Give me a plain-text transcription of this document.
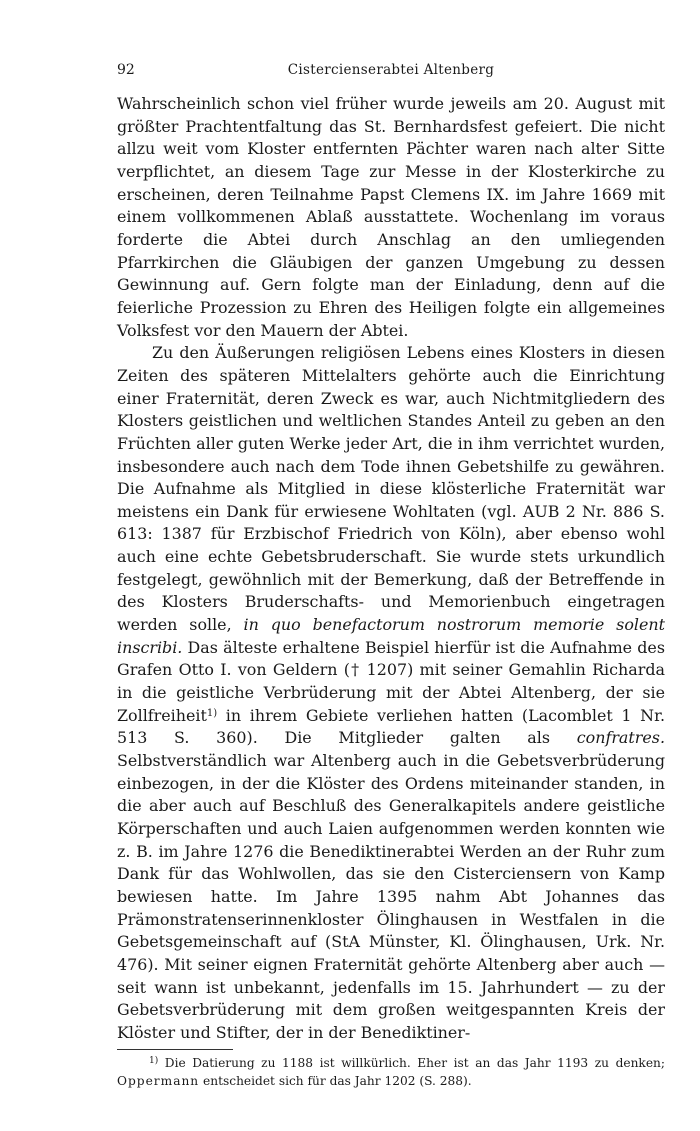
92	Cistercienserabtei Altenberg

Wahrscheinlich schon viel früher wurde jeweils am 20. August mit größter Prachtentfaltung das St. Bernhardsfest gefeiert. Die nicht allzu weit vom Kloster entfernten Pächter waren nach alter Sitte verpflichtet, an diesem Tage zur Messe in der Klosterkirche zu erscheinen, deren Teilnahme Papst Clemens IX. im Jahre 1669 mit einem vollkommenen Ablaß ausstattete. Wochenlang im voraus forderte die Abtei durch Anschlag an den umliegenden Pfarrkirchen die Gläubigen der ganzen Umgebung zu dessen Gewinnung auf. Gern folgte man der Einladung, denn auf die feierliche Prozession zu Ehren des Heiligen folgte ein allgemeines Volksfest vor den Mauern der Abtei.

Zu den Äußerungen religiösen Lebens eines Klosters in diesen Zeiten des späteren Mittelalters gehörte auch die Einrichtung einer Fraternität, deren Zweck es war, auch Nichtmitgliedern des Klosters geistlichen und weltlichen Standes Anteil zu geben an den Früchten aller guten Werke jeder Art, die in ihm verrichtet wurden, insbesondere auch nach dem Tode ihnen Gebetshilfe zu gewähren. Die Aufnahme als Mitglied in diese klösterliche Fraternität war meistens ein Dank für erwiesene Wohltaten (vgl. AUB 2 Nr. 886 S. 613: 1387 für Erzbischof Friedrich von Köln), aber ebenso wohl auch eine echte Gebetsbruderschaft. Sie wurde stets urkundlich festgelegt, gewöhnlich mit der Bemerkung, daß der Betreffende in des Klosters Bruderschafts- und Memorienbuch eingetragen werden solle, in quo benefactorum nostrorum memorie solent inscribi. Das älteste erhaltene Beispiel hierfür ist die Aufnahme des Grafen Otto I. von Geldern († 1207) mit seiner Gemahlin Richarda in die geistliche Verbrüderung mit der Abtei Altenberg, der sie Zollfreiheit$^{1)}$ in ihrem Gebiete verliehen hatten (Lacomblet 1 Nr. 513 S. 360). Die Mitglieder galten als confratres. Selbstverständlich war Altenberg auch in die Gebetsverbrüderung einbezogen, in der die Klöster des Ordens miteinander standen, in die aber auch auf Beschluß des Generalkapitels andere geistliche Körperschaften und auch Laien aufgenommen werden konnten wie z. B. im Jahre 1276 die Benediktinerabtei Werden an der Ruhr zum Dank für das Wohlwollen, das sie den Cisterciensern von Kamp bewiesen hatte. Im Jahre 1395 nahm Abt Johannes das Prämonstratenserinnenkloster Ölinghausen in Westfalen in die Gebetsgemeinschaft auf (StA Münster, Kl. Ölinghausen, Urk. Nr. 476). Mit seiner eignen Fraternität gehörte Altenberg aber auch — seit wann ist unbekannt, jedenfalls im 15. Jahrhundert — zu der Gebetsverbrüderung mit dem großen weitgespannten Kreis der Klöster und Stifter, der in der Benediktiner-

$^{1)}$ Die Datierung zu 1188 ist willkürlich. Eher ist an das Jahr 1193 zu denken; Oppermann entscheidet sich für das Jahr 1202 (S. 288).
